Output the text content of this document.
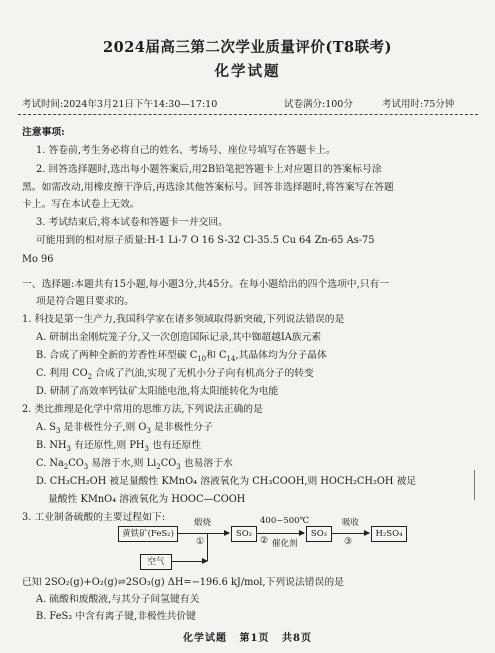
2024届高三第二次学业质量评价(T8联考)
化学试题
考试时间:2024年3月21日下午14:30—17:10	试卷满分:100分	考试用时:75分钟
注意事项:
1. 答卷前,考生务必将自己的姓名、考场号、座位号填写在答题卡上。
2. 回答选择题时,选出每小题答案后,用2B铅笔把答题卡上对应题目的答案标号涂
黑。如需改动,用橡皮擦干净后,再选涂其他答案标号。回答非选择题时,将答案写在答题
卡上。写在本试卷上无效。
3. 考试结束后,将本试卷和答题卡一并交回。
可能用到的相对原子质量:H-1 Li-7 O 16 S-32 Cl-35.5 Cu 64 Zn-65 As-75
Mo 96
一、选择题:本题共有15小题,每小题3分,共45分。在每小题给出的四个选项中,只有一
项是符合题目要求的。
1. 科技是第一生产力,我国科学家在诸多领域取得新突破,下列说法错误的是
A. 研制出金刚烷笼子分,又一次创造国际记录,其中铷超越IA族元素
B. 合成了两种全新的芳香性环型碳 $C_{10}$和 $C_{14}$,其晶体均为分子晶体
C. 利用 $CO_2$ 合成了汽油,实现了无机小分子向有机高分子的转变
D. 研制了高效率钙钛矿太阳能电池,将太阳能转化为电能
2. 类比推理是化学中常用的思维方法,下列说法正确的是
A. $S_3$ 是非极性分子,则 $O_3$ 是非极性分子
B. $NH_3$ 有还原性,则 $PH_3$ 也有还原性
C. $Na_2CO_3$ 易溶于水,则 $Li_2CO_3$ 也易溶于水
D. CH₃CH₂OH 被足量酸性 KMnO₄ 溶液氧化为 CH₃COOH,则 HOCH₂CH₂OH 被足
量酸性 KMnO₄ 溶液氧化为 HOOC—COOH
3. 工业制备硫酸的主要过程如下:
黄铁矿(FeS₂)
煅烧
①
SO₂
400~500℃
② 催化剂
SO₃
吸收
③
H₂SO₄
空气
已知 2SO₂(g)+O₂(g)⇌2SO₃(g) ΔH=−196.6 kJ/mol,下列说法错误的是
A. 硫酸和废酸液,与其分子间氢键有关
B. FeS₂ 中含有离子键,非极性共价键
化学试题 第1页 共8页
